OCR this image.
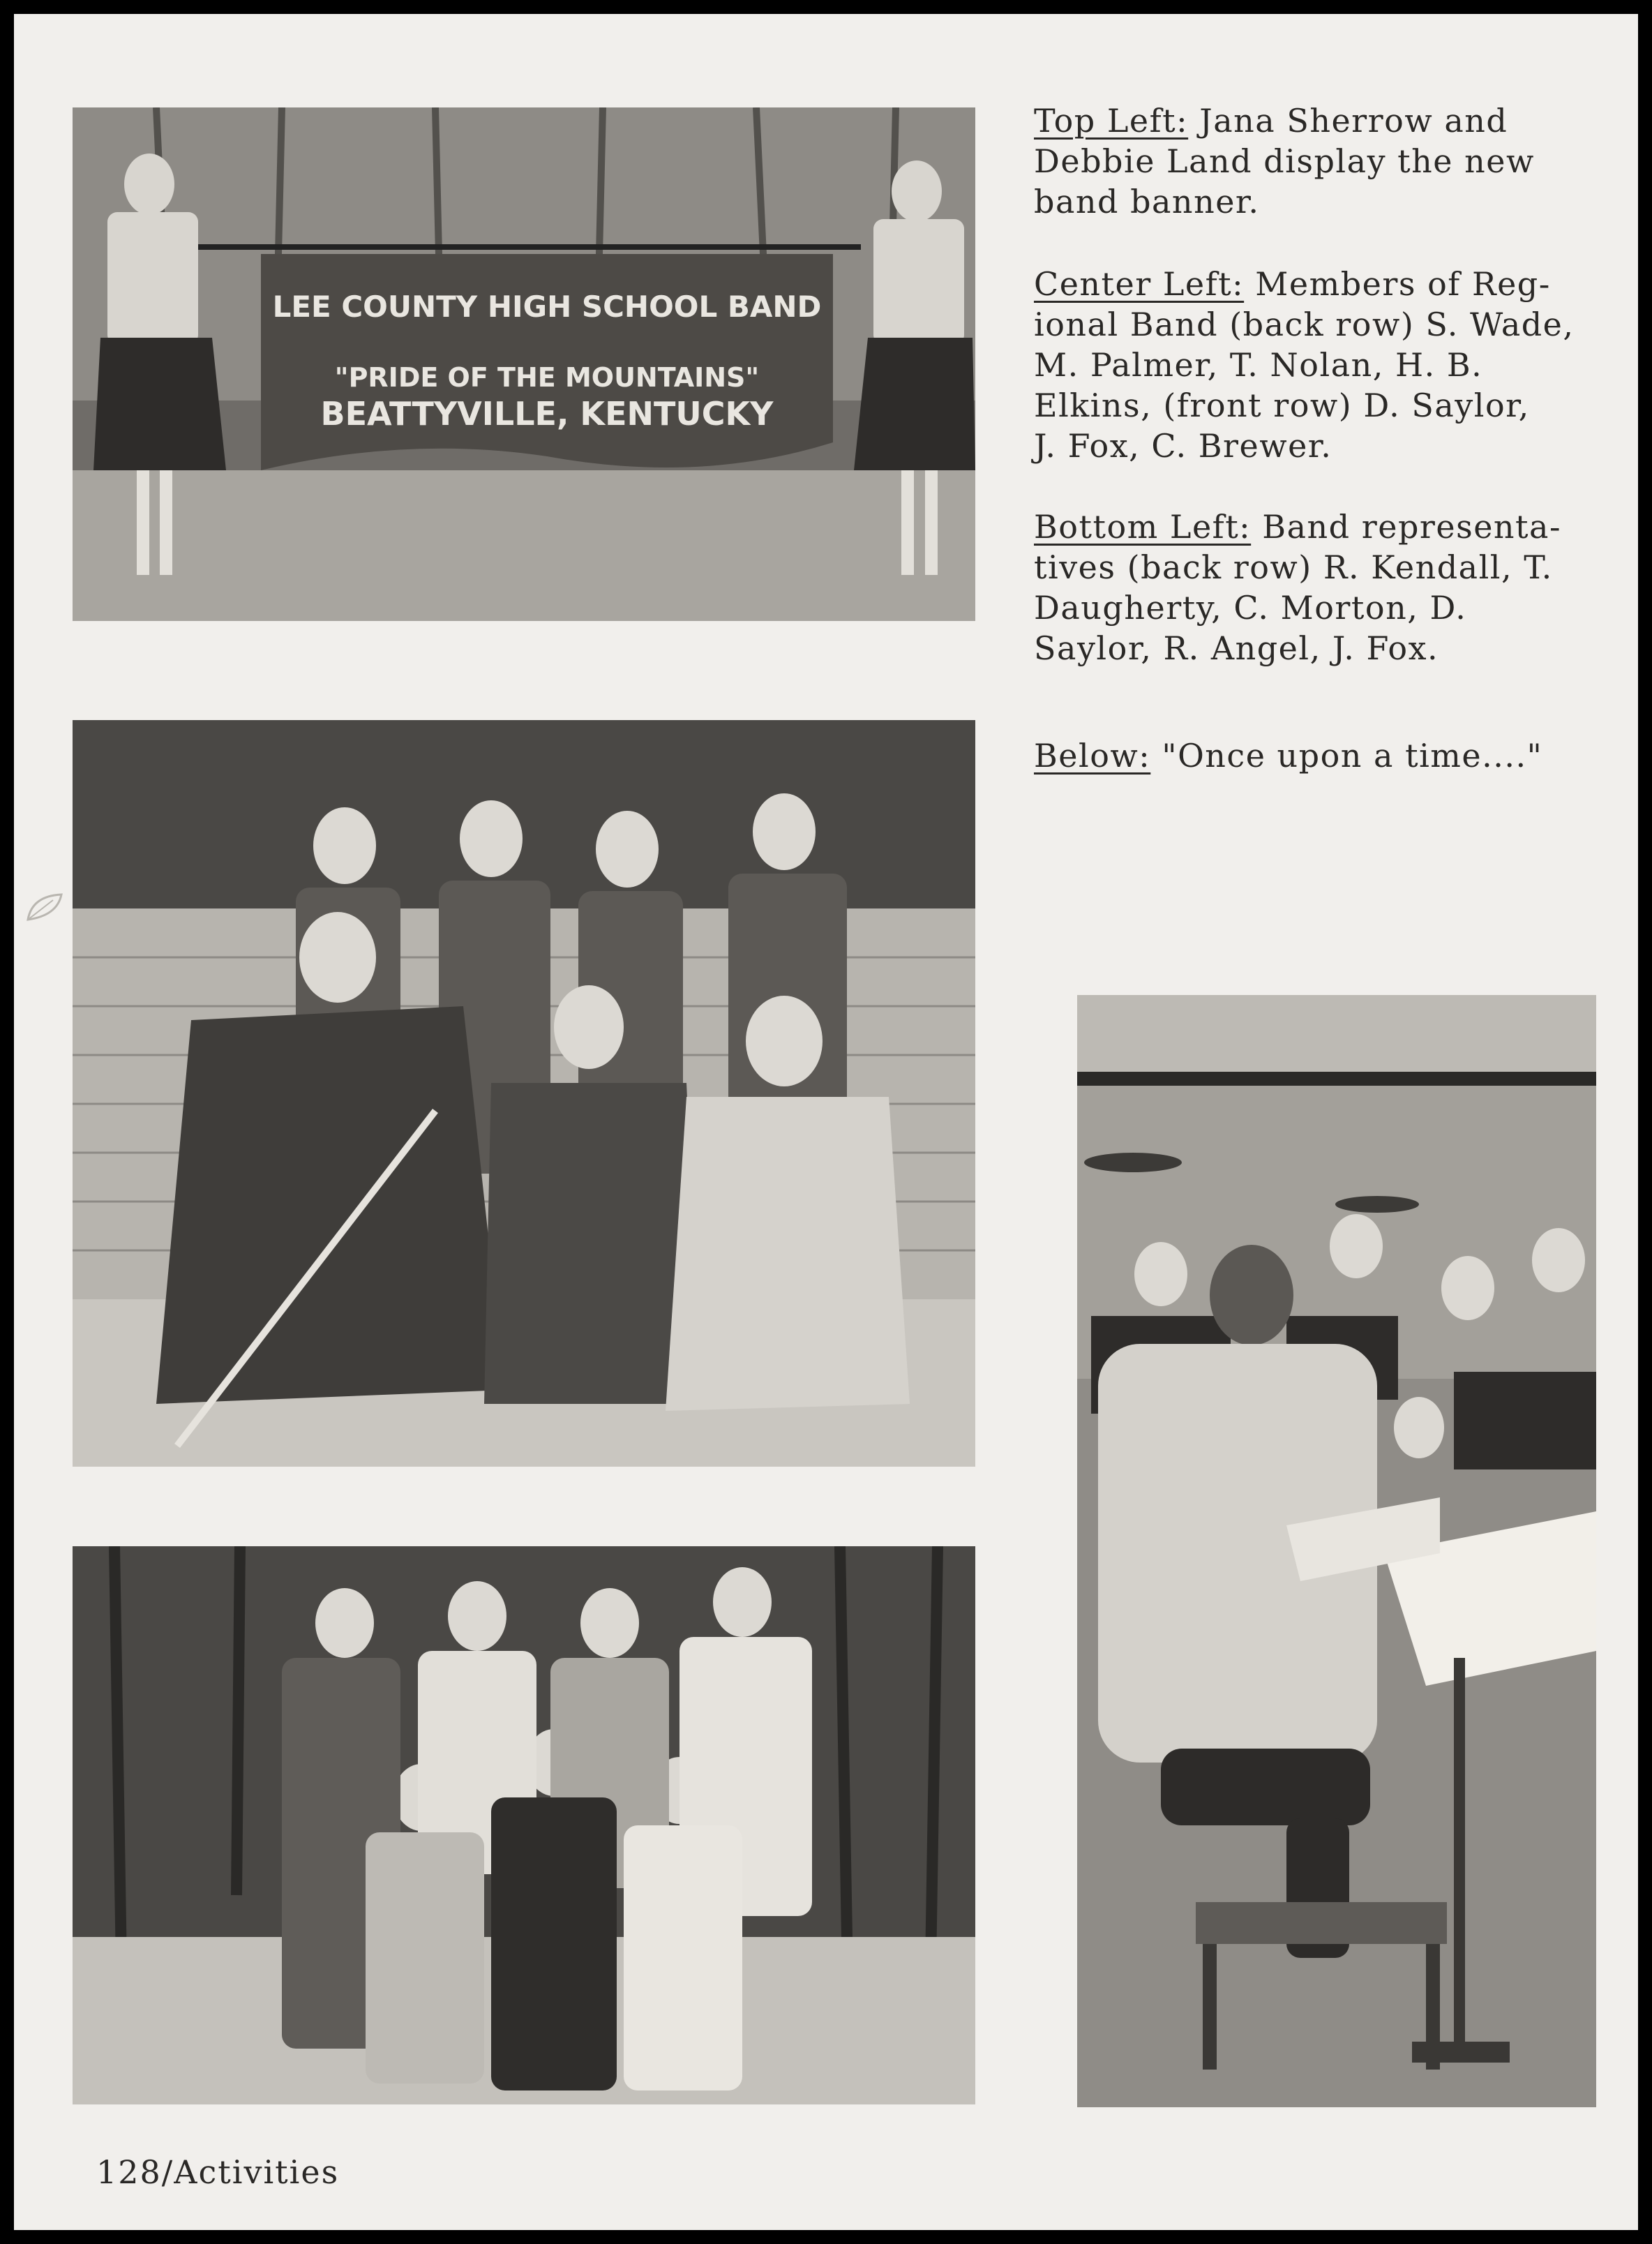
LEE COUNTY HIGH SCHOOL BAND
"PRIDE OF THE MOUNTAINS"
BEATTYVILLE, KENTUCKY
Top Left: Jana Sherrow and
Debbie Land display the new
band banner.
Center Left: Members of Reg-
ional Band (back row) S. Wade,
M. Palmer, T. Nolan, H. B.
Elkins, (front row) D. Saylor,
J. Fox, C. Brewer.
Bottom Left: Band representa-
tives (back row) R. Kendall, T.
Daugherty, C. Morton, D.
Saylor, R. Angel, J. Fox.
Below: "Once upon a time...."
128/Activities
